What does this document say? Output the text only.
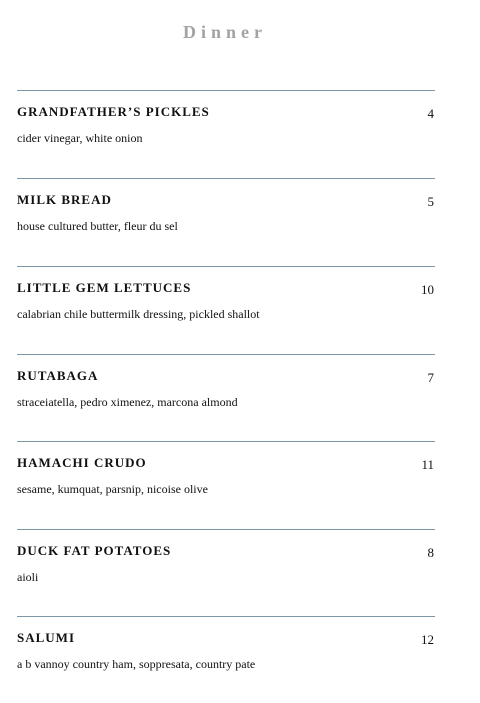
Dinner
GRANDFATHER’S PICKLES	4
cider vinegar, white onion
MILK BREAD	5
house cultured butter, fleur du sel
LITTLE GEM LETTUCES	10
calabrian chile buttermilk dressing, pickled shallot
RUTABAGA	7
straceiatella, pedro ximenez, marcona almond
HAMACHI CRUDO	11
sesame, kumquat, parsnip, nicoise olive
DUCK FAT POTATOES	8
aioli
SALUMI	12
a b vannoy country ham, soppresata, country pate
